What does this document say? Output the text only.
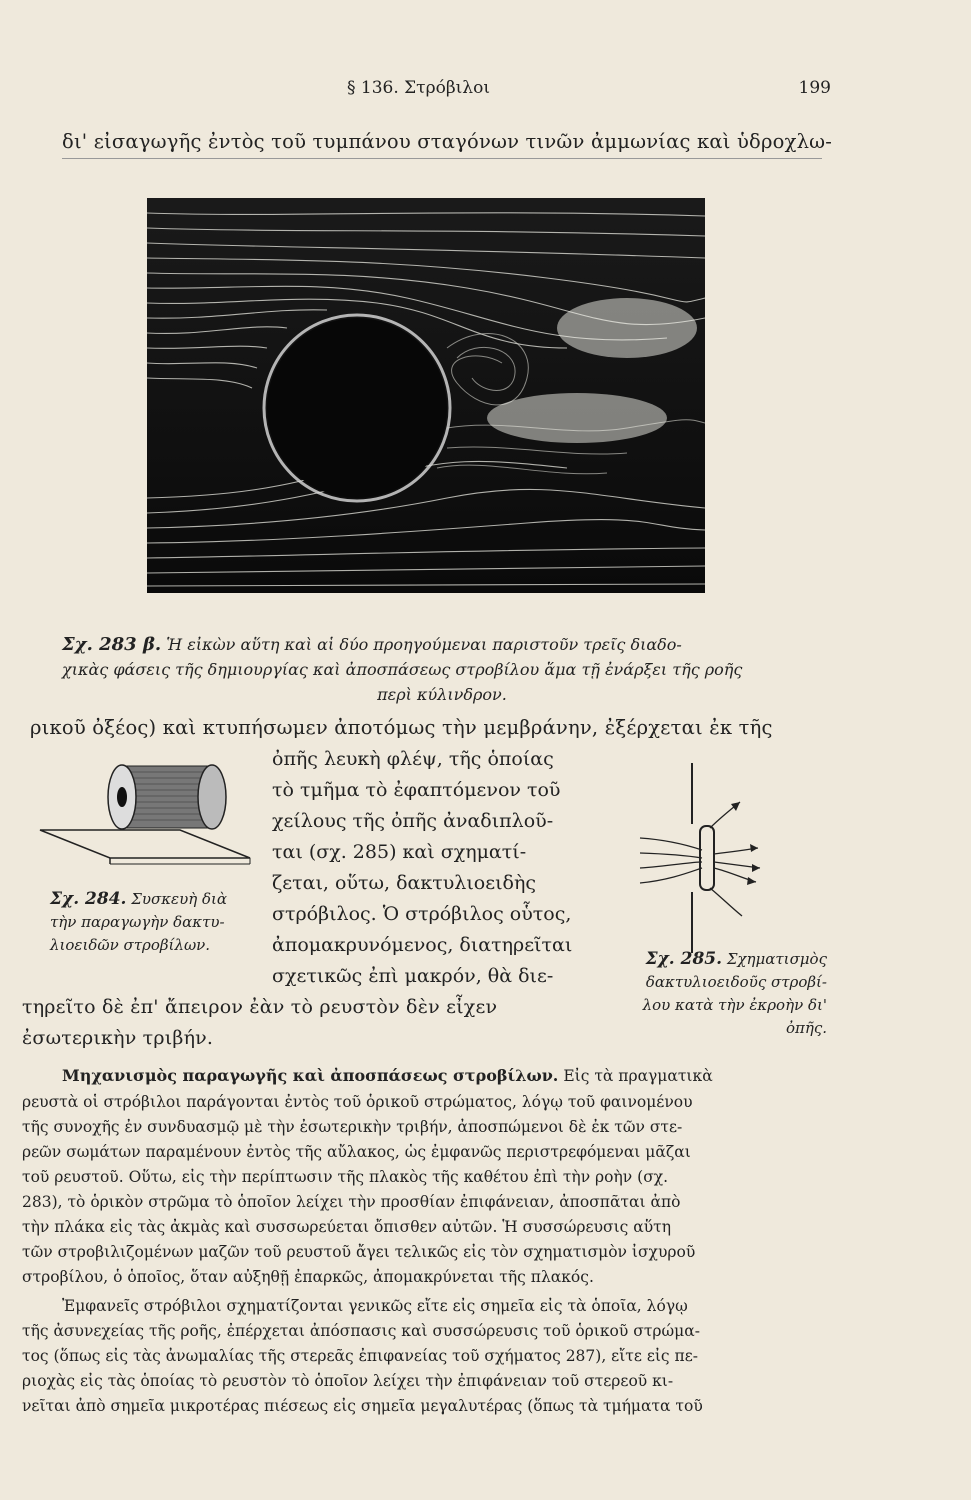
§ 136. Στρόβιλοι	199
δι' εἰσαγωγῆς ἐντὸς τοῦ τυμπάνου σταγόνων τινῶν ἀμμωνίας καὶ ὑδροχλω-
Σχ. 283 β. Ἡ εἰκὼν αὕτη καὶ αἱ δύο προηγούμεναι παριστοῦν τρεῖς διαδο-
χικὰς φάσεις τῆς δημιουργίας καὶ ἀποσπάσεως στροβίλου ἅμα τῇ ἐνάρξει τῆς ροῆς
περὶ κύλινδρον.
ρικοῦ ὀξέος) καὶ κτυπήσωμεν ἀποτόμως τὴν μεμβράνην, ἐξέρχεται ἐκ τῆς
Σχ. 284. Συσκευὴ διὰ
τὴν παραγωγὴν δακτυ-
λιοειδῶν στροβίλων.
ὀπῆς λευκὴ φλέψ, τῆς ὁποίας
τὸ τμῆμα τὸ ἐφαπτόμενον τοῦ
χείλους τῆς ὀπῆς ἀναδιπλοῦ-
ται (σχ. 285) καὶ σχηματί-
ζεται, οὕτω, δακτυλιοειδὴς
στρόβιλος. Ὁ στρόβιλος οὗτος,
ἀπομακρυνόμενος, διατηρεῖται
σχετικῶς ἐπὶ μακρόν, θὰ διε-
Σχ. 285. Σχηματισμὸς
δακτυλιοειδοῦς στροβί-
λου κατὰ τὴν ἐκροὴν δι'
ὀπῆς.
τηρεῖτο δὲ ἐπ' ἄπειρον ἐὰν τὸ ρευστὸν δὲν εἶχεν
ἐσωτερικὴν τριβήν.
Μηχανισμὸς παραγωγῆς καὶ ἀποσπάσεως στροβίλων. Εἰς τὰ πραγματικὰ
ρευστὰ οἱ στρόβιλοι παράγονται ἐντὸς τοῦ ὁρικοῦ στρώματος, λόγῳ τοῦ φαινομένου
τῆς συνοχῆς ἐν συνδυασμῷ μὲ τὴν ἐσωτερικὴν τριβήν, ἀποσπώμενοι δὲ ἐκ τῶν στε-
ρεῶν σωμάτων παραμένουν ἐντὸς τῆς αὔλακος, ὡς ἐμφανῶς περιστρεφόμεναι μᾶζαι
τοῦ ρευστοῦ. Οὕτω, εἰς τὴν περίπτωσιν τῆς πλακὸς τῆς καθέτου ἐπὶ τὴν ροὴν (σχ.
283), τὸ ὁρικὸν στρῶμα τὸ ὁποῖον λείχει τὴν προσθίαν ἐπιφάνειαν, ἀποσπᾶται ἀπὸ
τὴν πλάκα εἰς τὰς ἀκμὰς καὶ συσσωρεύεται ὄπισθεν αὐτῶν. Ἡ συσσώρευσις αὕτη
τῶν στροβιλιζομένων μαζῶν τοῦ ρευστοῦ ἄγει τελικῶς εἰς τὸν σχηματισμὸν ἰσχυροῦ
στροβίλου, ὁ ὁποῖος, ὅταν αὐξηθῇ ἐπαρκῶς, ἀπομακρύνεται τῆς πλακός.
Ἐμφανεῖς στρόβιλοι σχηματίζονται γενικῶς εἴτε εἰς σημεῖα εἰς τὰ ὁποῖα, λόγῳ
τῆς ἀσυνεχείας τῆς ροῆς, ἐπέρχεται ἀπόσπασις καὶ συσσώρευσις τοῦ ὁρικοῦ στρώμα-
τος (ὅπως εἰς τὰς ἀνωμαλίας τῆς στερεᾶς ἐπιφανείας τοῦ σχήματος 287), εἴτε εἰς πε-
ριοχὰς εἰς τὰς ὁποίας τὸ ρευστὸν τὸ ὁποῖον λείχει τὴν ἐπιφάνειαν τοῦ στερεοῦ κι-
νεῖται ἀπὸ σημεῖα μικροτέρας πιέσεως εἰς σημεῖα μεγαλυτέρας (ὅπως τὰ τμήματα τοῦ
